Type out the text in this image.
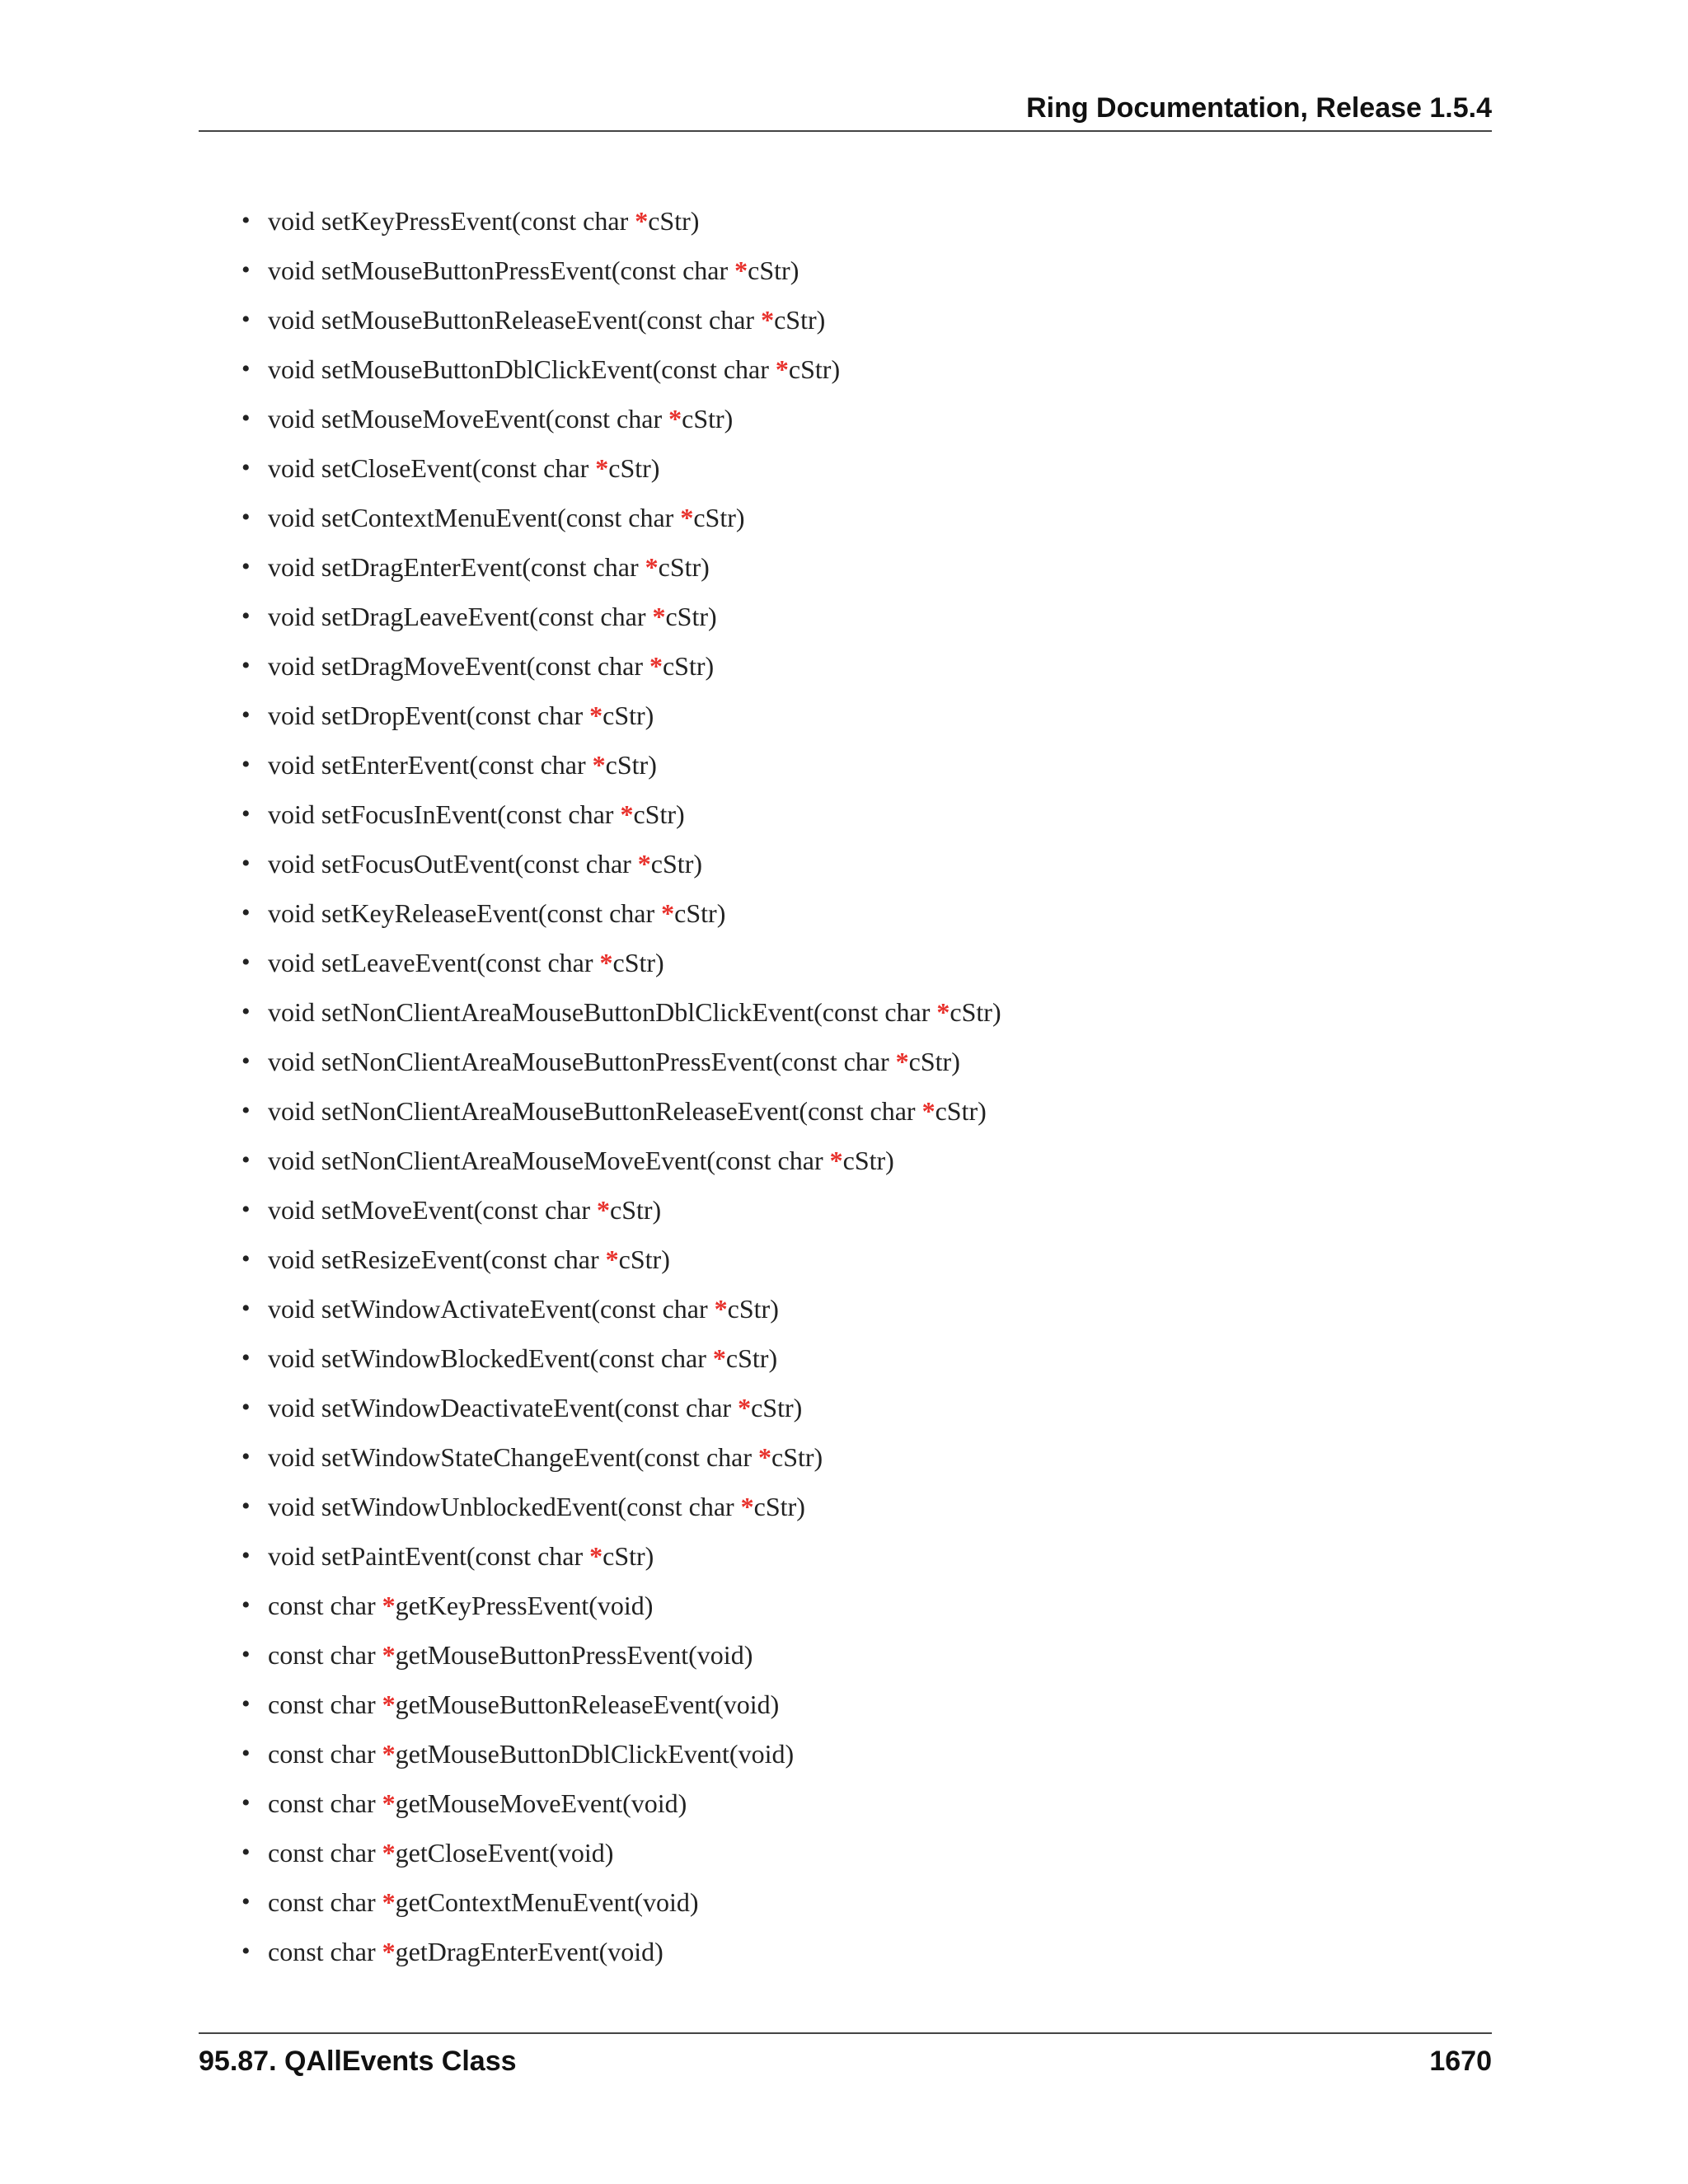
Ring Documentation, Release 1.5.4
• void setKeyPressEvent(const char * cStr)
• void setMouseButtonPressEvent(const char * cStr)
• void setMouseButtonReleaseEvent(const char * cStr)
• void setMouseButtonDblClickEvent(const char * cStr)
• void setMouseMoveEvent(const char * cStr)
• void setCloseEvent(const char * cStr)
• void setContextMenuEvent(const char * cStr)
• void setDragEnterEvent(const char * cStr)
• void setDragLeaveEvent(const char * cStr)
• void setDragMoveEvent(const char * cStr)
• void setDropEvent(const char * cStr)
• void setEnterEvent(const char * cStr)
• void setFocusInEvent(const char * cStr)
• void setFocusOutEvent(const char * cStr)
• void setKeyReleaseEvent(const char * cStr)
• void setLeaveEvent(const char * cStr)
• void setNonClientAreaMouseButtonDblClickEvent(const char * cStr)
• void setNonClientAreaMouseButtonPressEvent(const char * cStr)
• void setNonClientAreaMouseButtonReleaseEvent(const char * cStr)
• void setNonClientAreaMouseMoveEvent(const char * cStr)
• void setMoveEvent(const char * cStr)
• void setResizeEvent(const char * cStr)
• void setWindowActivateEvent(const char * cStr)
• void setWindowBlockedEvent(const char * cStr)
• void setWindowDeactivateEvent(const char * cStr)
• void setWindowStateChangeEvent(const char * cStr)
• void setWindowUnblockedEvent(const char * cStr)
• void setPaintEvent(const char * cStr)
• const char * getKeyPressEvent(void)
• const char * getMouseButtonPressEvent(void)
• const char * getMouseButtonReleaseEvent(void)
• const char * getMouseButtonDblClickEvent(void)
• const char * getMouseMoveEvent(void)
• const char * getCloseEvent(void)
• const char * getContextMenuEvent(void)
• const char * getDragEnterEvent(void)
95.87. QAllEvents Class	1670
